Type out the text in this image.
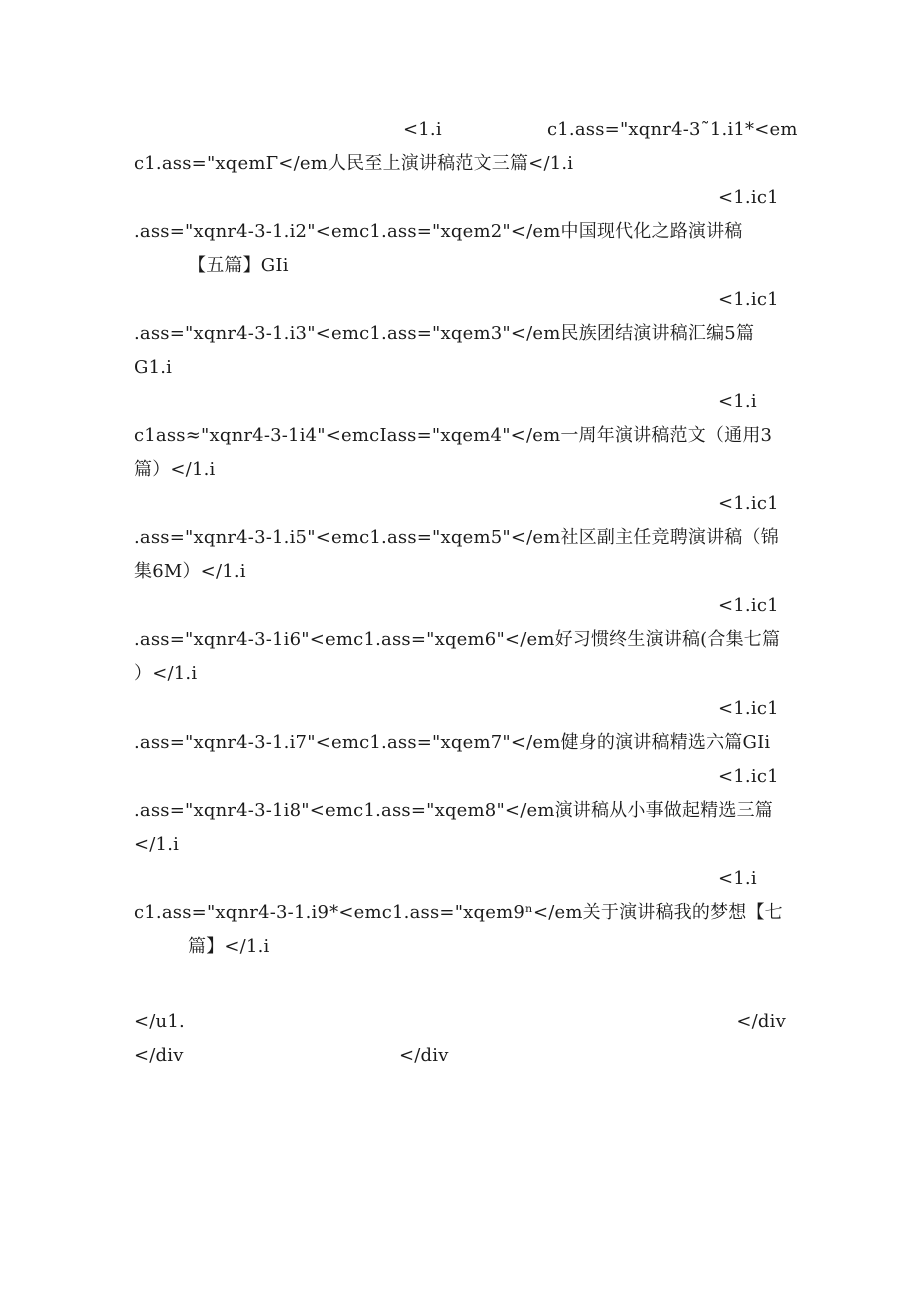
<1.i	c1.ass="xqnr4-3˜1.i1*<em
c1.ass="xqemΓ</em人民至上演讲稿范文三篇</1.i
<1.ic1
.ass="xqnr4-3-1.i2"<emc1.ass="xqem2"</em中国现代化之路演讲稿
【五篇】GIi
<1.ic1
.ass="xqnr4-3-1.i3"<emc1.ass="xqem3"</em民族团结演讲稿汇编5篇
G1.i
<1.i
c1ass≈"xqnr4-3-1i4"<emcIass="xqem4"</em一周年演讲稿范文（通用3
篇）</1.i
<1.ic1
.ass="xqnr4-3-1.i5"<emc1.ass="xqem5"</em社区副主任竞聘演讲稿（锦
集6M）</1.i
<1.ic1
.ass="xqnr4-3-1i6"<emc1.ass="xqem6"</em好习惯终生演讲稿(合集七篇
）</1.i
<1.ic1
.ass="xqnr4-3-1.i7"<emc1.ass="xqem7"</em健身的演讲稿精选六篇GIi
<1.ic1
.ass="xqnr4-3-1i8"<emc1.ass="xqem8"</em演讲稿从小事做起精选三篇
</1.i
<1.i
c1.ass="xqnr4-3-1.i9*<emc1.ass="xqem9ⁿ</em关于演讲稿我的梦想【七
篇】</1.i
</u1.	</div
</div	</div
